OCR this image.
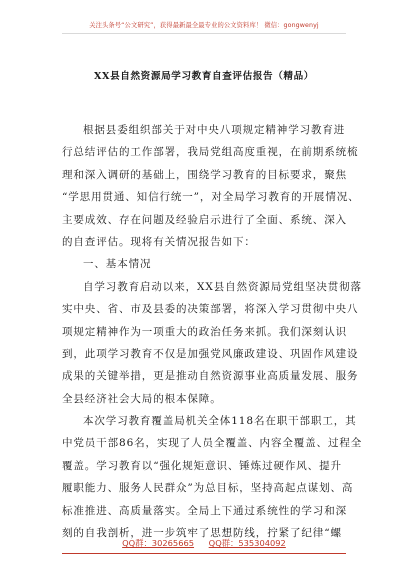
关注头条号“公文研究”，获得最新最全最专业的公文资料库！ 微信：gongwenyj
XX县自然资源局学习教育自查评估报告（精品）
根据县委组织部关于对中央八项规定精神学习教育进
行总结评估的工作部署，我局党组高度重视，在前期系统梳
理和深入调研的基础上，围绕学习教育的目标要求，聚焦
“学思用贯通、知信行统一”，对全局学习教育的开展情况、
主要成效、存在问题及经验启示进行了全面、系统、深入
的自查评估。现将有关情况报告如下：
一、基本情况
自学习教育启动以来，XX县自然资源局党组坚决贯彻落
实中央、省、市及县委的决策部署，将深入学习贯彻中央八
项规定精神作为一项重大的政治任务来抓。我们深刻认识
到，此项学习教育不仅是加强党风廉政建设、巩固作风建设
成果的关键举措，更是推动自然资源事业高质量发展、服务
全县经济社会大局的根本保障。
本次学习教育覆盖局机关全体118名在职干部职工，其
中党员干部86名，实现了人员全覆盖、内容全覆盖、过程全
覆盖。学习教育以“强化规矩意识、锤炼过硬作风、提升
履职能力、服务人民群众”为总目标，坚持高起点谋划、高
标准推进、高质量落实。全局上下通过系统性的学习和深
刻的自我剖析，进一步筑牢了思想防线，拧紧了纪律“螺
QQ群：30265665 QQ群：535304092
